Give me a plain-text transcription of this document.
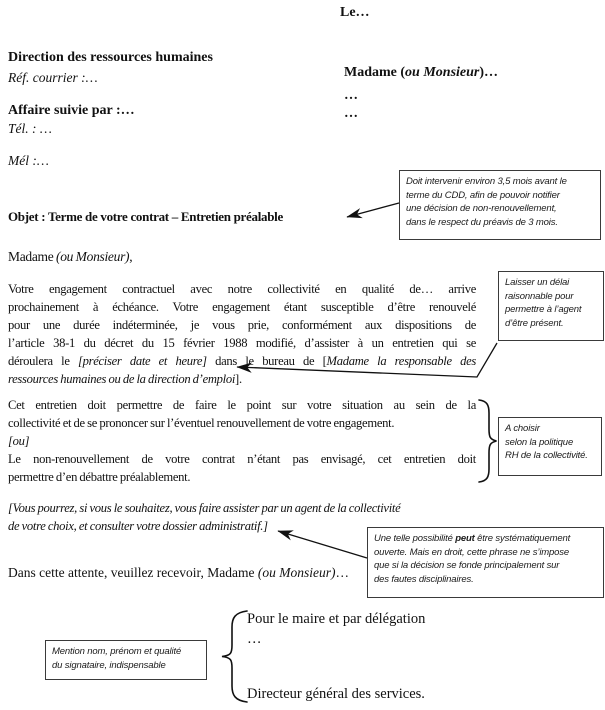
Le…
Direction des ressources humaines
Réf. courrier :…
Affaire suivie par :…
Tél. : …
Mél :…
Madame (ou Monsieur)…
…
…
Objet : Terme de votre contrat – Entretien préalable
Madame (ou Monsieur),
Votre engagement contractuel avec notre collectivité en qualité de… arrive
prochainement à échéance. Votre engagement étant susceptible d’être renouvelé
pour une durée indéterminée, je vous prie, conformément aux dispositions de
l’article 38-1 du décret du 15 février 1988 modifié, d’assister à un entretien qui se
déroulera le [préciser date et heure] dans le bureau de [Madame la responsable des
ressources humaines ou de la direction d’emploi].
Cet entretien doit permettre de faire le point sur votre situation au sein de la
collectivité et de se prononcer sur l’éventuel renouvellement de votre engagement.
[ou]
Le non-renouvellement de votre contrat n’étant pas envisagé, cet entretien doit
permettre d’en débattre préalablement.
[Vous pourrez, si vous le souhaitez, vous faire assister par un agent de la collectivité
de votre choix, et consulter votre dossier administratif.]
Dans cette attente, veuillez recevoir, Madame (ou Monsieur)…
Pour le maire et par délégation
…
Directeur général des services.
Doit intervenir environ 3,5 mois avant le
terme du CDD, afin de pouvoir notifier
une décision de non-renouvellement,
dans le respect du préavis de 3 mois.
Laisser un délai
raisonnable pour
permettre à l’agent
d’être présent.
A choisir
selon la politique
RH de la collectivité.
Une telle possibilité peut être systématiquement
ouverte. Mais en droit, cette phrase ne s’impose
que si la décision se fonde principalement sur
des fautes disciplinaires.
Mention nom, prénom et qualité
du signataire, indispensable
